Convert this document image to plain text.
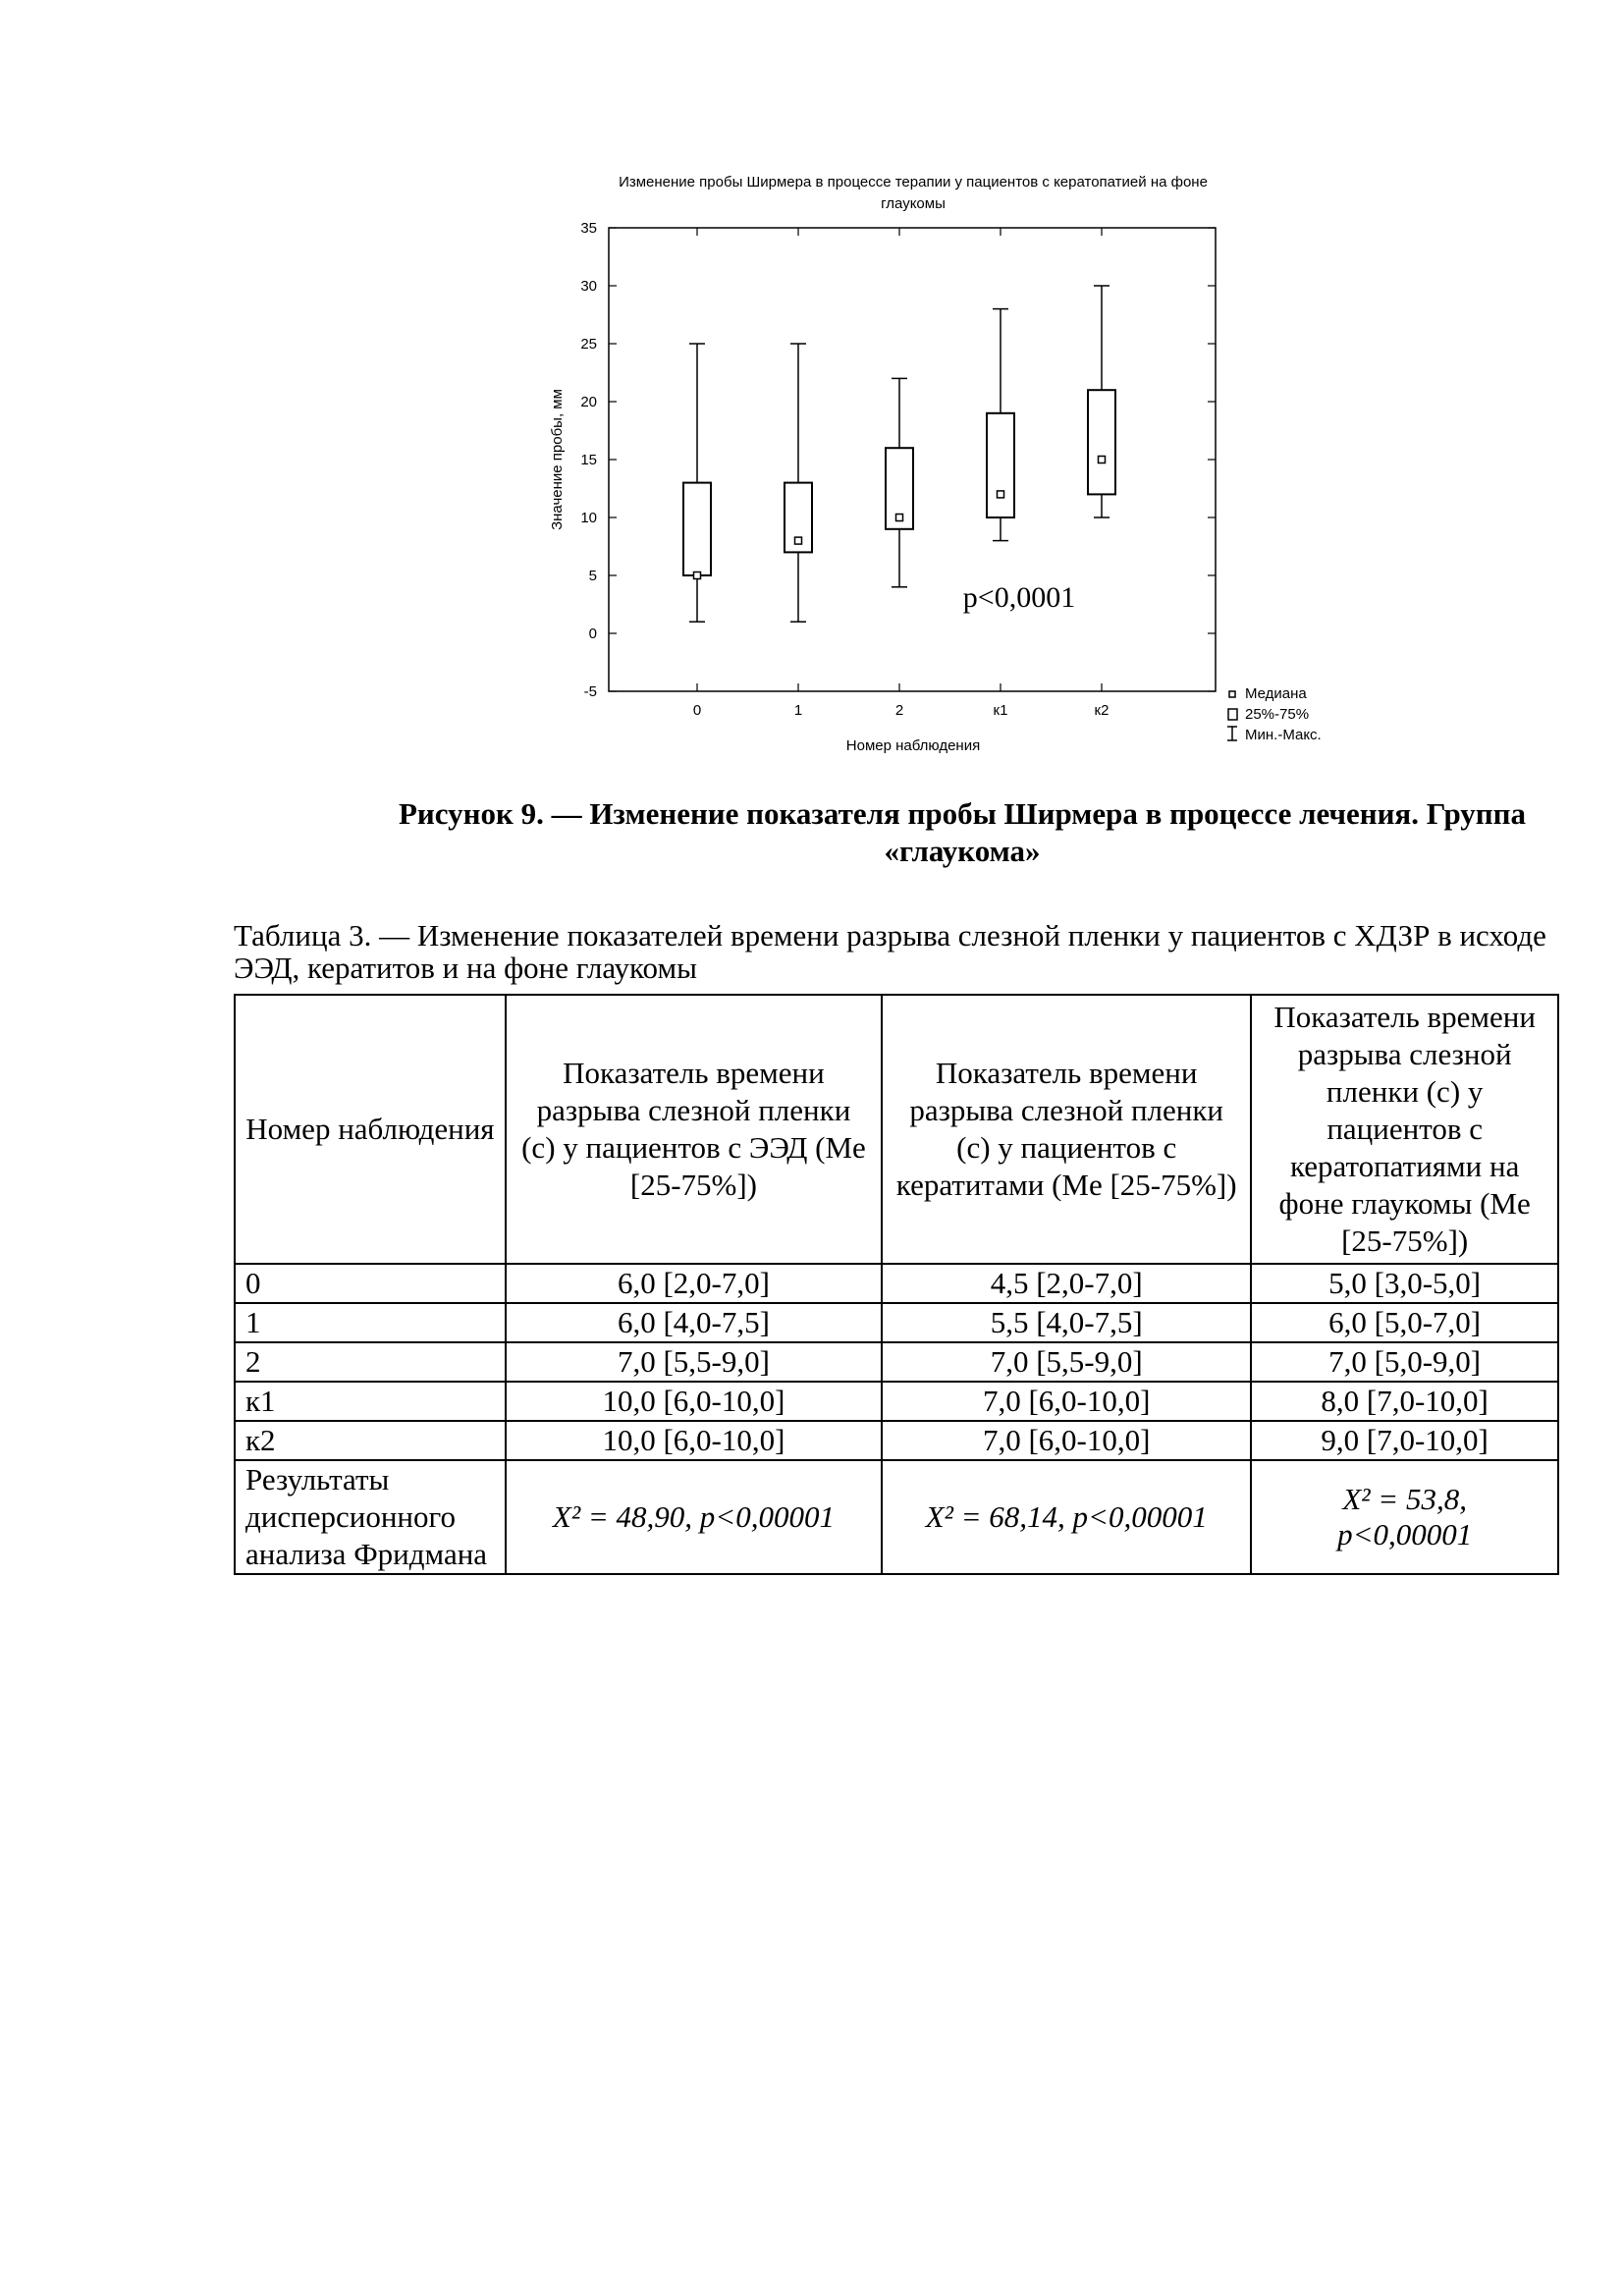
Изменение пробы Ширмера в процессе терапии у пациентов с кератопатией на фоне
глаукомы
-5
0
5
10
15
20
25
30
35
0	1	2	к1	к2
p<0,0001
Номер наблюдения
Значение пробы, мм
Медиана
25%-75%
Мин.-Макс.
Рисунок 9. — Изменение показателя пробы Ширмера в процессе лечения. Группа «глаукома»
Таблица 3. — Изменение показателей времени разрыва слезной пленки у пациентов с ХДЗР в исходе ЭЭД, кератитов и на фоне глаукомы
Номер наблюдения	Показатель времени разрыва слезной пленки (с) у пациентов с ЭЭД (Me [25-75%])	Показатель времени разрыва слезной пленки (с) у пациентов с кератитами (Me [25-75%])	Показатель времени разрыва слезной пленки (с) у пациентов с кератопатиями на фоне глаукомы (Me [25-75%])
0	6,0 [2,0-7,0]	4,5 [2,0-7,0]	5,0 [3,0-5,0]
1	6,0 [4,0-7,5]	5,5 [4,0-7,5]	6,0 [5,0-7,0]
2	7,0 [5,5-9,0]	7,0 [5,5-9,0]	7,0 [5,0-9,0]
к1	10,0 [6,0-10,0]	7,0 [6,0-10,0]	8,0 [7,0-10,0]
к2	10,0 [6,0-10,0]	7,0 [6,0-10,0]	9,0 [7,0-10,0]
Результаты дисперсионного анализа Фридмана	X² = 48,90, p<0,00001	X² = 68,14, p<0,00001	X² = 53,8, p<0,00001
